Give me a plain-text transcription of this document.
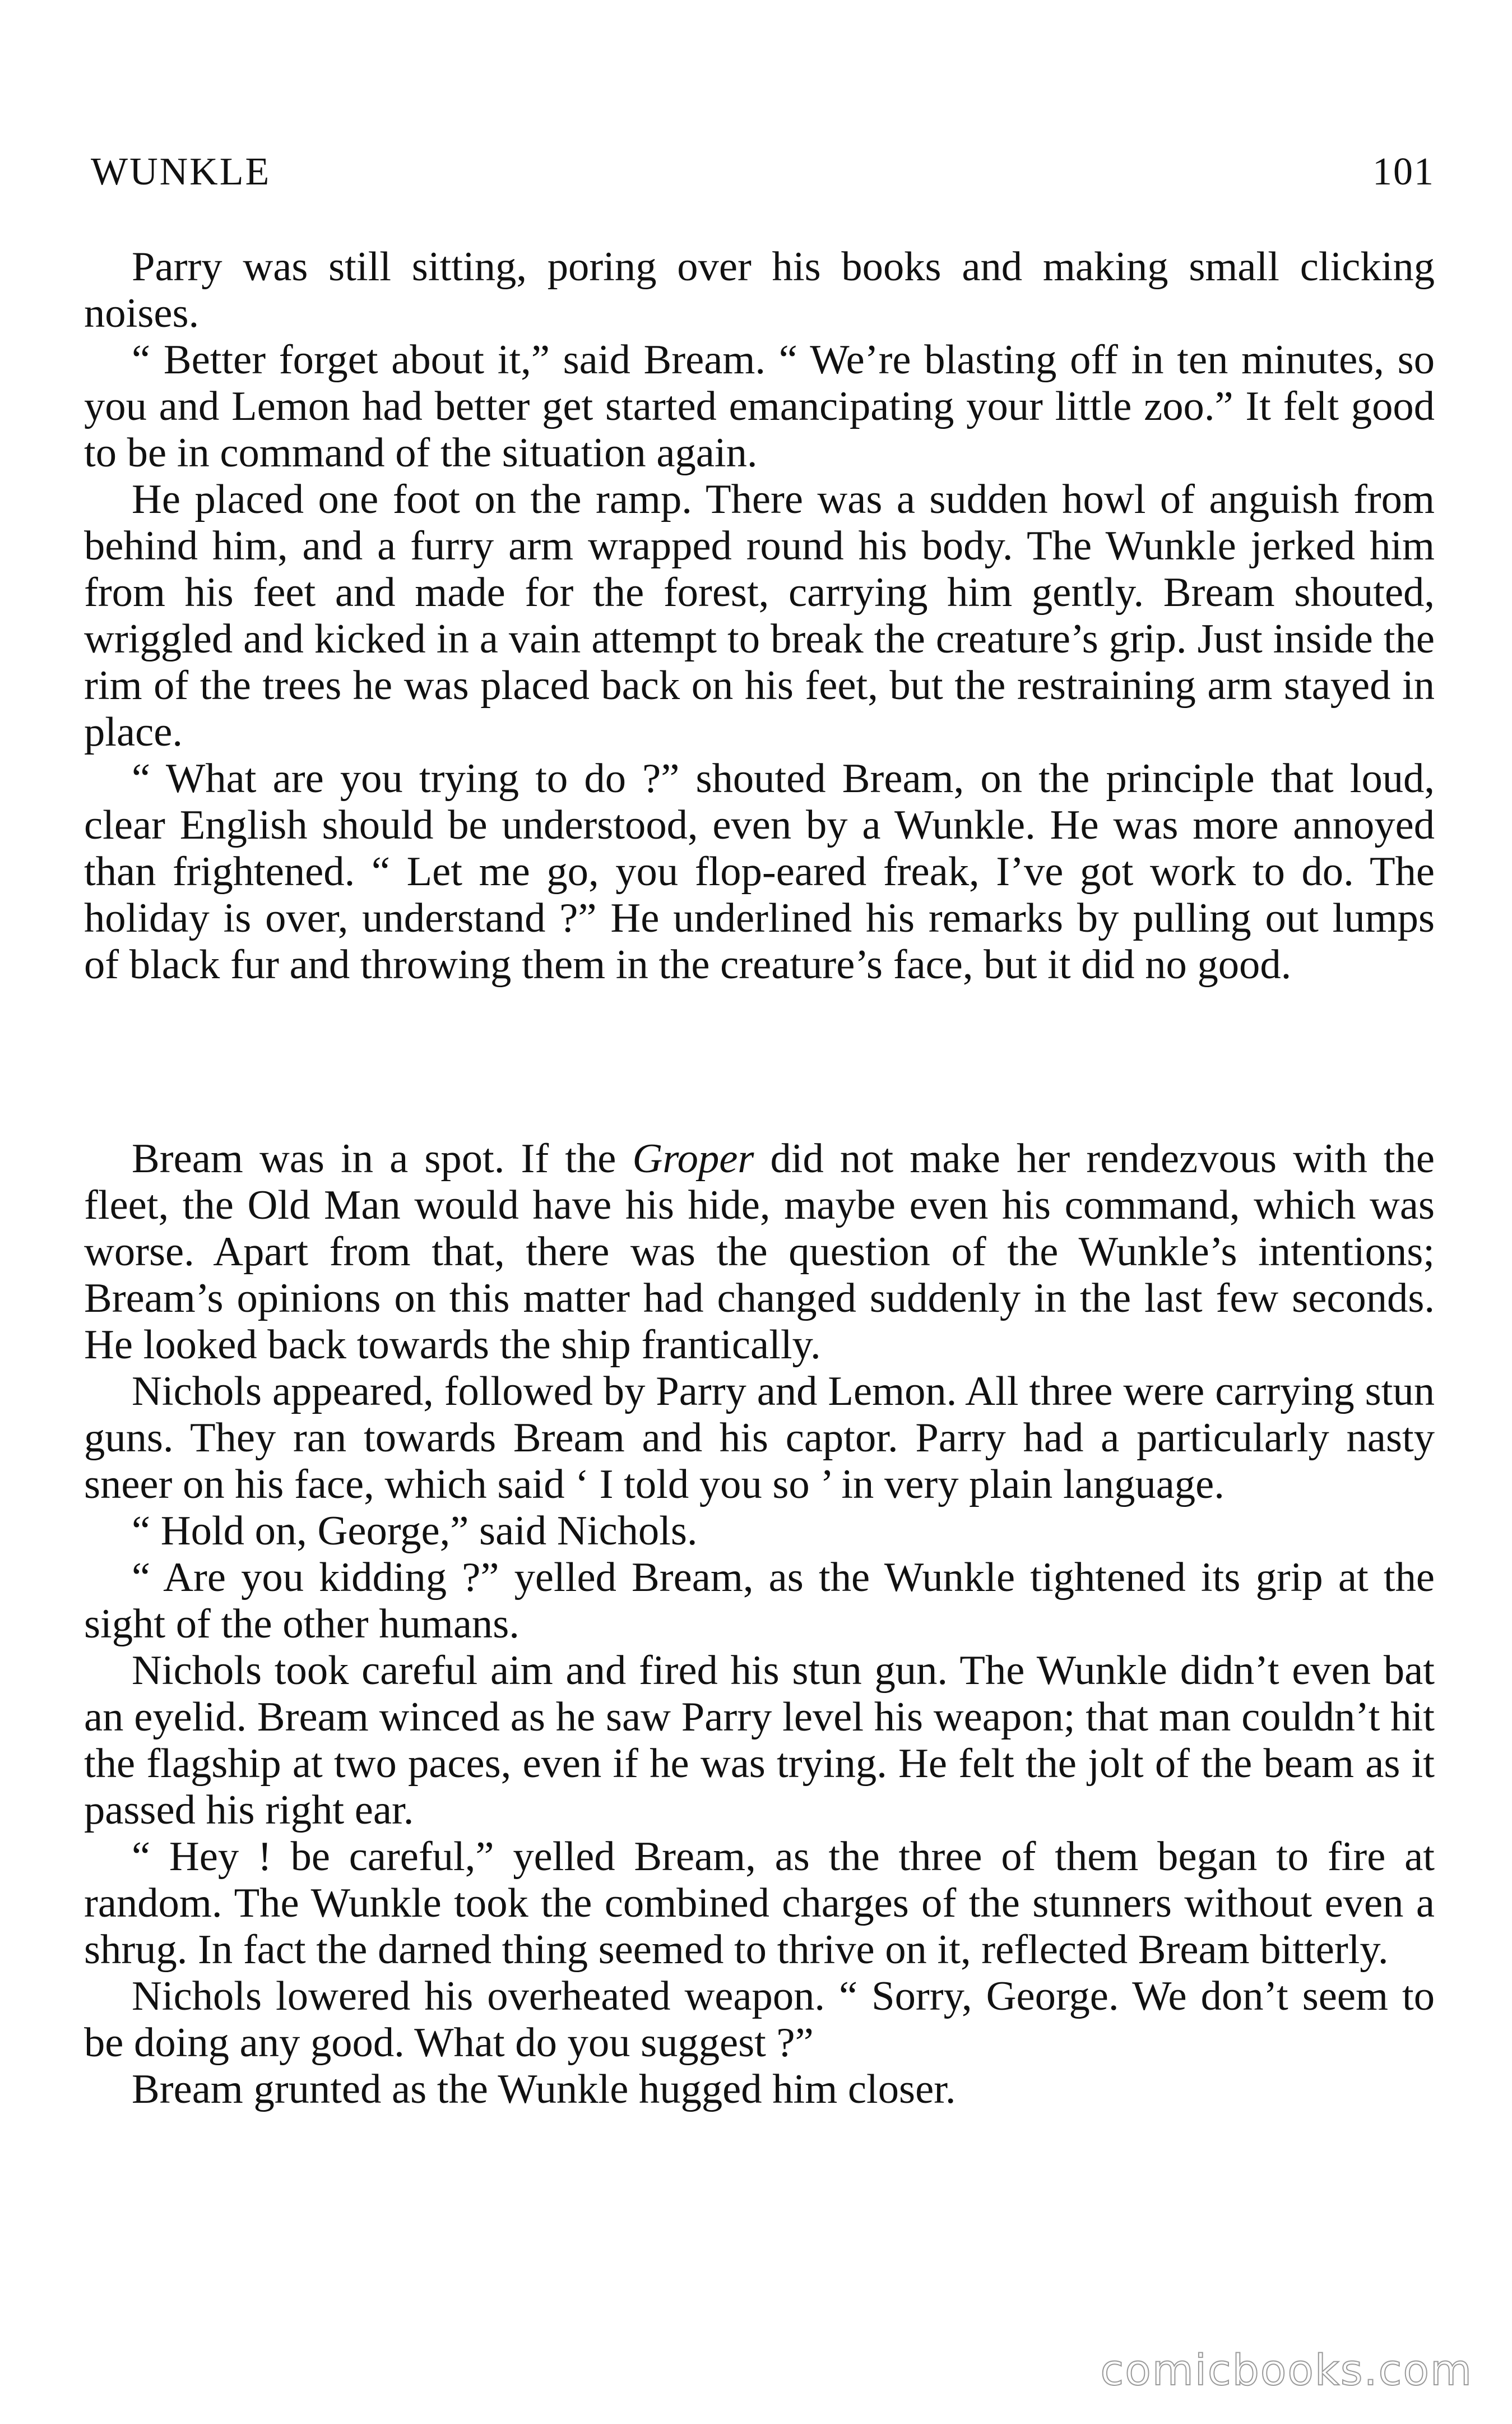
WUNKLE	101

Parry was still sitting, poring over his books and making small clicking noises.

“ Better forget about it,” said Bream. “ We’re blasting off in ten minutes, so you and Lemon had better get started emancipating your little zoo.” It felt good to be in command of the situation again.

He placed one foot on the ramp. There was a sudden howl of anguish from behind him, and a furry arm wrapped round his body. The Wunkle jerked him from his feet and made for the forest, carrying him gently. Bream shouted, wriggled and kicked in a vain attempt to break the creature’s grip. Just inside the rim of the trees he was placed back on his feet, but the restraining arm stayed in place.

“ What are you trying to do ?” shouted Bream, on the principle that loud, clear English should be understood, even by a Wunkle. He was more annoyed than frightened. “ Let me go, you flop-eared freak, I’ve got work to do. The holiday is over, understand ?” He underlined his remarks by pulling out lumps of black fur and throwing them in the creature’s face, but it did no good.

Bream was in a spot. If the Groper did not make her rendezvous with the fleet, the Old Man would have his hide, maybe even his command, which was worse. Apart from that, there was the question of the Wunkle’s intentions; Bream’s opinions on this matter had changed suddenly in the last few seconds. He looked back towards the ship frantically.

Nichols appeared, followed by Parry and Lemon. All three were carrying stun guns. They ran towards Bream and his captor. Parry had a particularly nasty sneer on his face, which said ‘ I told you so ’ in very plain language.

“ Hold on, George,” said Nichols.

“ Are you kidding ?” yelled Bream, as the Wunkle tightened its grip at the sight of the other humans.

Nichols took careful aim and fired his stun gun. The Wunkle didn’t even bat an eyelid. Bream winced as he saw Parry level his weapon; that man couldn’t hit the flagship at two paces, even if he was trying. He felt the jolt of the beam as it passed his right ear.

“ Hey ! be careful,” yelled Bream, as the three of them began to fire at random. The Wunkle took the combined charges of the stunners without even a shrug. In fact the darned thing seemed to thrive on it, reflected Bream bitterly.

Nichols lowered his overheated weapon. “ Sorry, George. We don’t seem to be doing any good. What do you suggest ?”

Bream grunted as the Wunkle hugged him closer.

comicbooks.com
